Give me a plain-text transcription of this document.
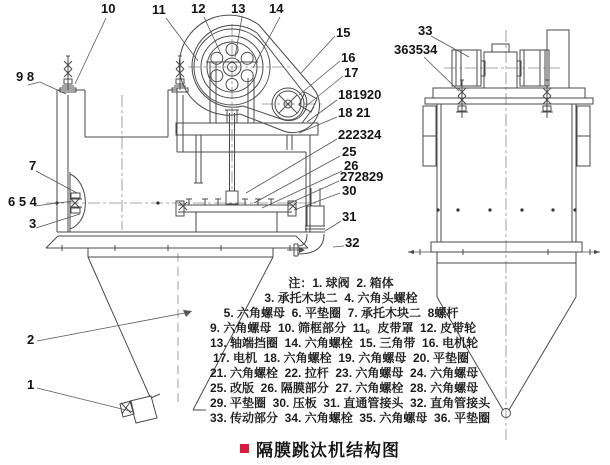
10	11 12 13 14
9 8
15
16
17
181920
18 21
222324
25
26
272829
30
31
32
33
363534
7
6 5 4
3
2
1
注：1. 球阀  2. 箱体
3. 承托木块二  4. 六角头螺栓
5. 六角螺母  6. 平垫圈  7. 承托木块二  8螺杆
9. 六角螺母  10. 筛框部分  11。皮带罩  12. 皮带轮
13. 轴端挡圈  14. 六角螺栓  15. 三角带  16. 电机轮
17. 电机  18. 六角螺栓  19. 六角螺母  20. 平垫圈
21. 六角螺栓  22. 拉杆  23. 六角螺母  24. 六角螺母
25. 改版  26. 隔膜部分  27. 六角螺栓  28. 六角螺母
29. 平垫圈  30. 压板  31. 直通管接头  32. 直角管接头
33. 传动部分  34. 六角螺栓  35. 六角螺母  36. 平垫圈
隔膜跳汰机结构图
